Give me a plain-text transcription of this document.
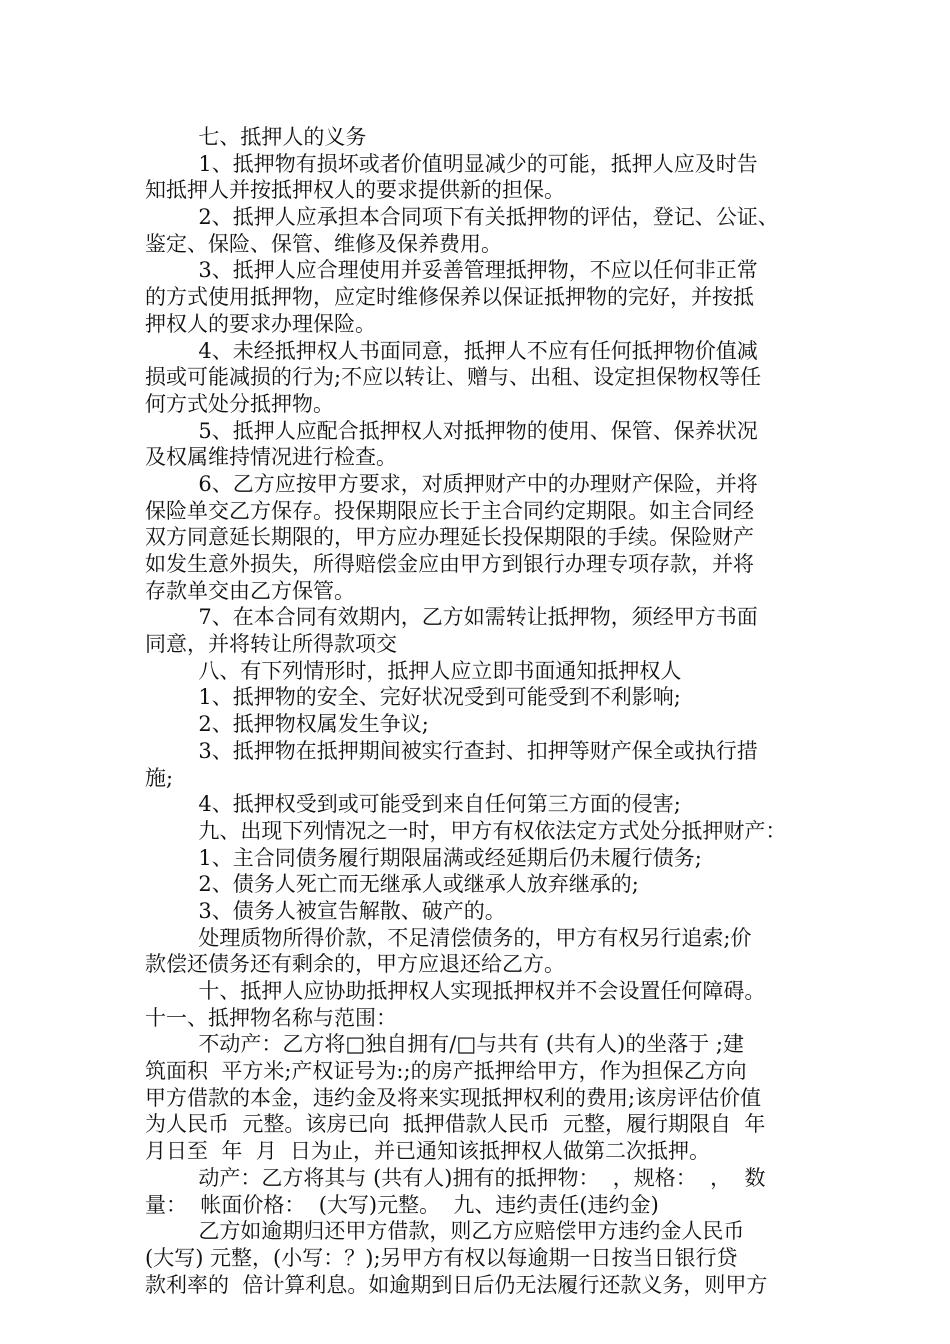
七、抵押人的义务
1、抵押物有损坏或者价值明显减少的可能，抵押人应及时告
知抵押人并按抵押权人的要求提供新的担保。
2、抵押人应承担本合同项下有关抵押物的评估，登记、公证、
鉴定、保险、保管、维修及保养费用。
3、抵押人应合理使用并妥善管理抵押物，不应以任何非正常
的方式使用抵押物，应定时维修保养以保证抵押物的完好，并按抵
押权人的要求办理保险。
4、未经抵押权人书面同意，抵押人不应有任何抵押物价值减
损或可能减损的行为;不应以转让、赠与、出租、设定担保物权等任
何方式处分抵押物。
5、抵押人应配合抵押权人对抵押物的使用、保管、保养状况
及权属维持情况进行检查。
6、乙方应按甲方要求，对质押财产中的办理财产保险，并将
保险单交乙方保存。投保期限应长于主合同约定期限。如主合同经
双方同意延长期限的，甲方应办理延长投保期限的手续。保险财产
如发生意外损失，所得赔偿金应由甲方到银行办理专项存款，并将
存款单交由乙方保管。
7、在本合同有效期内，乙方如需转让抵押物，须经甲方书面
同意，并将转让所得款项交
八、有下列情形时，抵押人应立即书面通知抵押权人
1、抵押物的安全、完好状况受到可能受到不利影响;
2、抵押物权属发生争议;
3、抵押物在抵押期间被实行查封、扣押等财产保全或执行措
施;
4、抵押权受到或可能受到来自任何第三方面的侵害;
九、出现下列情况之一时，甲方有权依法定方式处分抵押财产：
1、主合同债务履行期限届满或经延期后仍未履行债务;
2、债务人死亡而无继承人或继承人放弃继承的;
3、债务人被宣告解散、破产的。
处理质物所得价款，不足清偿债务的，甲方有权另行追索;价
款偿还债务还有剩余的，甲方应退还给乙方。
十、抵押人应协助抵押权人实现抵押权并不会设置任何障碍。
十一、抵押物名称与范围：
不动产：乙方将□独自拥有/□与共有 (共有人)的坐落于 ;建
筑面积  平方米;产权证号为:;的房产抵押给甲方，作为担保乙方向
甲方借款的本金，违约金及将来实现抵押权利的费用;该房评估价值
为人民币  元整。该房已向  抵押借款人民币  元整，履行期限自  年
月日至  年  月  日为止，并已通知该抵押权人做第二次抵押。
动产：乙方将其与 (共有人)拥有的抵押物：  ，规格：  ，  数
量：  帐面价格：  (大写)元整。  九、违约责任(违约金)
乙方如逾期归还甲方借款，则乙方应赔偿甲方违约金人民币
(大写) 元整，(小写：？);另甲方有权以每逾期一日按当日银行贷
款利率的  倍计算利息。如逾期到日后仍无法履行还款义务，则甲方
